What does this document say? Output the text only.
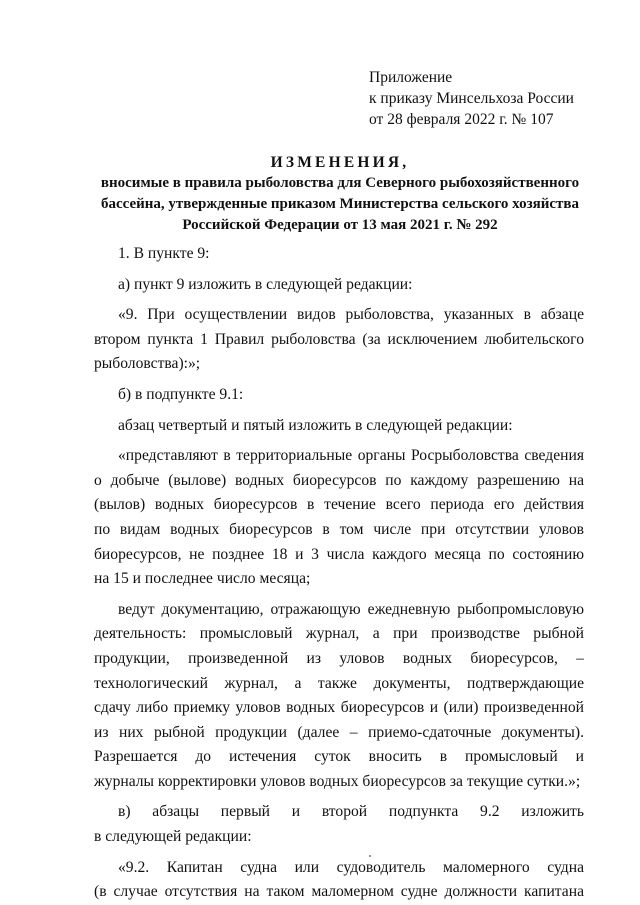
Приложение
к приказу Минсельхоза России
от 28 февраля 2022 г. № 107
ИЗМЕНЕНИЯ,
вносимые в правила рыболовства для Северного рыбохозяйственного
бассейна, утвержденные приказом Министерства сельского хозяйства
Российской Федерации от 13 мая 2021 г. № 292
1. В пункте 9:
а) пункт 9 изложить в следующей редакции:
«9. При осуществлении видов рыболовства, указанных в абзаце
втором пункта 1 Правил рыболовства (за исключением любительского
рыболовства):»;
б) в подпункте 9.1:
абзац четвертый и пятый изложить в следующей редакции:
«представляют в территориальные органы Росрыболовства сведения
о добыче (вылове) водных биоресурсов по каждому разрешению на
(вылов) водных биоресурсов в течение всего периода его действия
по видам водных биоресурсов в том числе при отсутствии уловов
биоресурсов, не позднее 18 и 3 числа каждого месяца по состоянию
на 15 и последнее число месяца;
ведут документацию, отражающую ежедневную рыбопромысловую
деятельность: промысловый журнал, а при производстве рыбной
продукции, произведенной из уловов водных биоресурсов, –
технологический журнал, а также документы, подтверждающие
сдачу либо приемку уловов водных биоресурсов и (или) произведенной
из них рыбной продукции (далее – приемо-сдаточные документы).
Разрешается до истечения суток вносить в промысловый и
журналы корректировки уловов водных биоресурсов за текущие сутки.»;
в) абзацы первый и второй подпункта 9.2 изложить
в следующей редакции:
«9.2. Капитан судна или судоводитель маломерного судна
(в случае отсутствия на таком маломерном судне должности капитана
